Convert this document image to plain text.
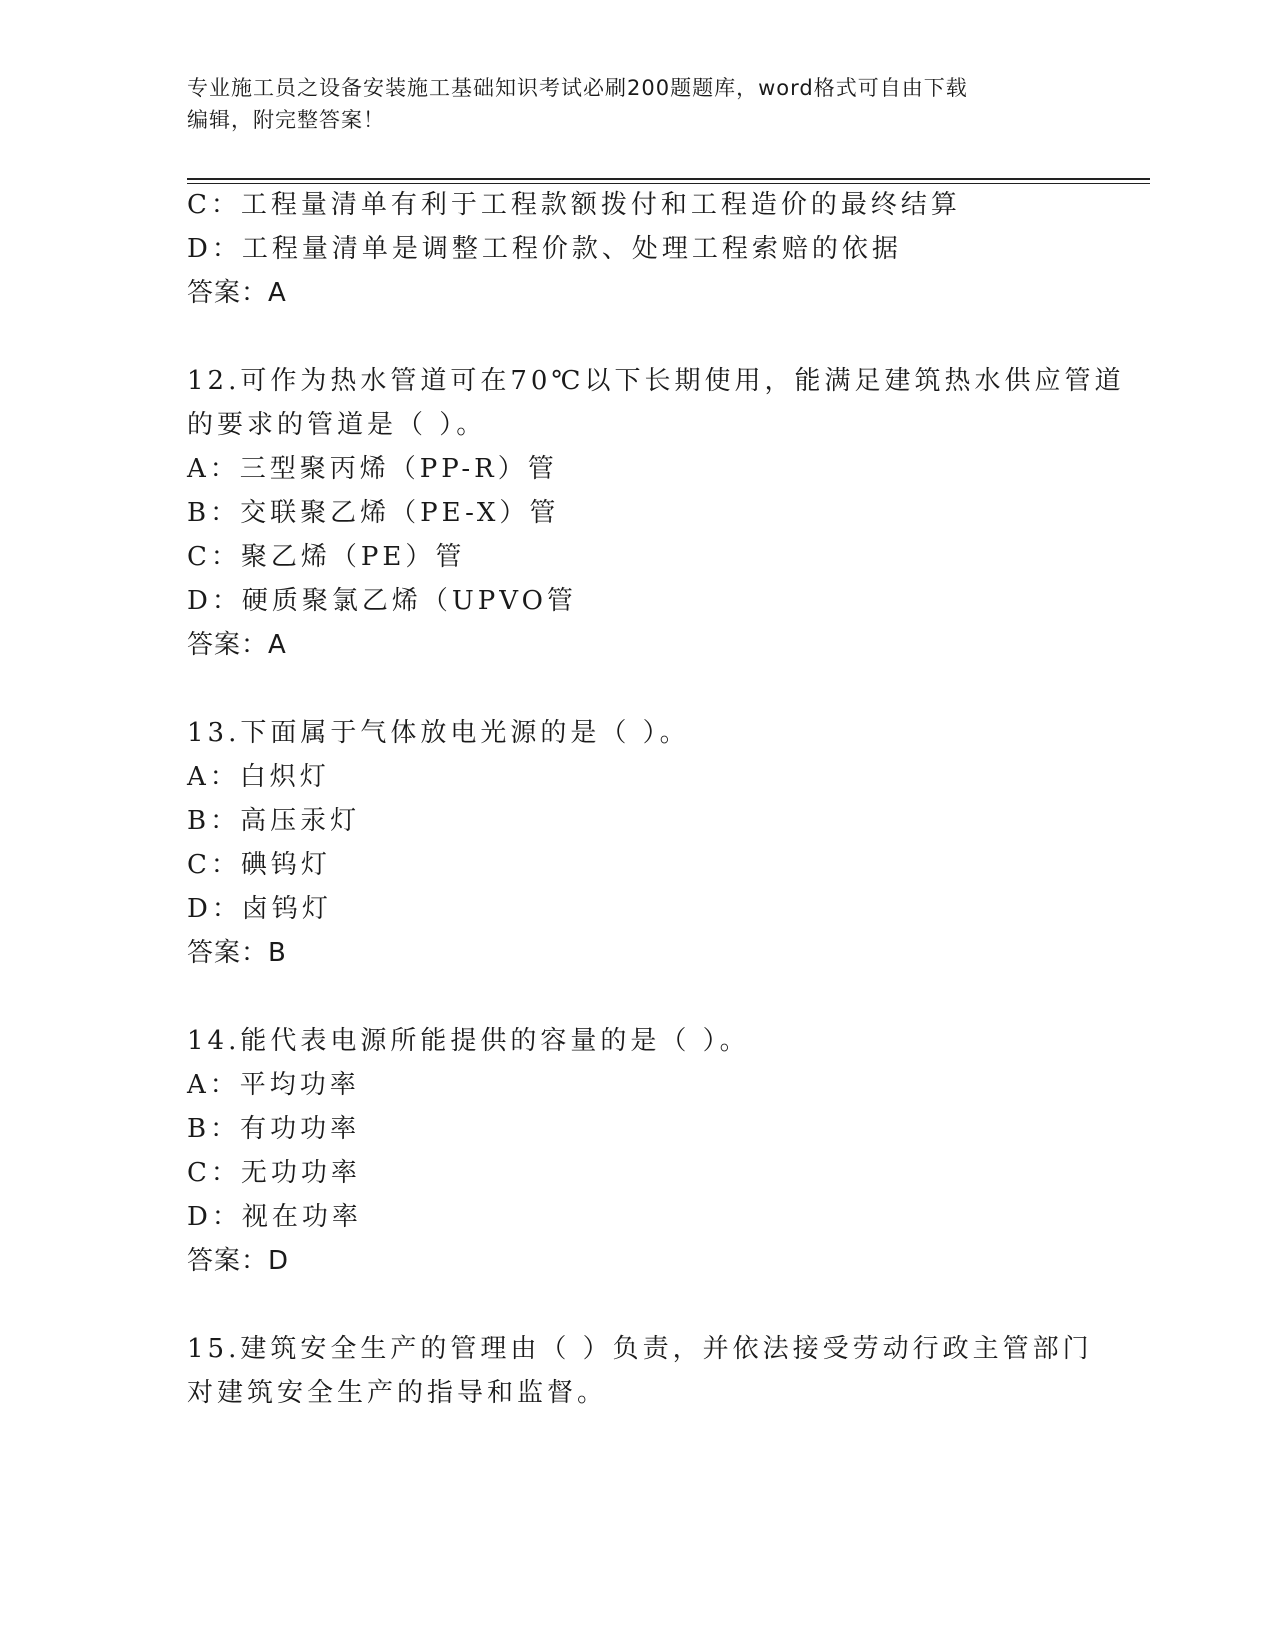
专业施工员之设备安装施工基础知识考试必刷200题题库，word格式可自由下载
编辑，附完整答案！
C：工程量清单有利于工程款额拨付和工程造价的最终结算
D：工程量清单是调整工程价款、处理工程索赔的依据
答案：A
12.可作为热水管道可在70℃以下长期使用，能满足建筑热水供应管道
的要求的管道是（ ）。
A：三型聚丙烯（PP-R）管
B：交联聚乙烯（PE-X）管
C：聚乙烯（PE）管
D：硬质聚氯乙烯（UPVO管
答案：A
13.下面属于气体放电光源的是（ ）。
A：白炽灯
B：高压汞灯
C：碘钨灯
D：卤钨灯
答案：B
14.能代表电源所能提供的容量的是（ ）。
A：平均功率
B：有功功率
C：无功功率
D：视在功率
答案：D
15.建筑安全生产的管理由（ ）负责，并依法接受劳动行政主管部门
对建筑安全生产的指导和监督。
